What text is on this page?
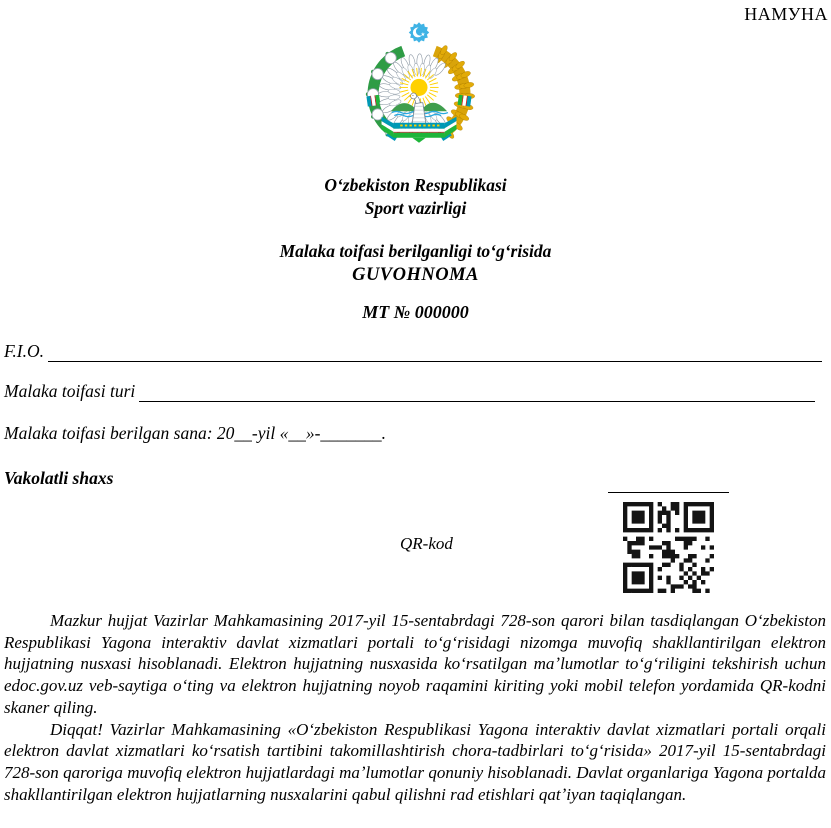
НАМУНА
Oʻzbekiston Respublikasi
Sport vazirligi
Malaka toifasi berilganligi toʻgʻrisida
GUVOHNOMA
MT № 000000
F.I.O.
Malaka toifasi turi
Malaka toifasi berilgan sana: 20__-yil «__»-_______.
Vakolatli shaxs
QR-kod

Mazkur hujjat Vazirlar Mahkamasining 2017-yil 15-sentabrdagi 728-son qarori bilan tasdiqlangan Oʻzbekiston Respublikasi Yagona interaktiv davlat xizmatlari portali toʻgʻrisidagi nizomga muvofiq shakllantirilgan elektron hujjatning nusxasi hisoblanadi. Elektron hujjatning nusxasida koʻrsatilgan maʼlumotlar toʻgʻriligini tekshirish uchun edoc.gov.uz veb-saytiga oʻting va elektron hujjatning noyob raqamini kiriting yoki mobil telefon yordamida QR-kodni skaner qiling.

Diqqat! Vazirlar Mahkamasining «Oʻzbekiston Respublikasi Yagona interaktiv davlat xizmatlari portali orqali elektron davlat xizmatlari koʻrsatish tartibini takomillashtirish chora-tadbirlari toʻgʻrisida» 2017-yil 15-sentabrdagi 728-son qaroriga muvofiq elektron hujjatlardagi maʼlumotlar qonuniy hisoblanadi. Davlat organlariga Yagona portalda shakllantirilgan elektron hujjatlarning nusxalarini qabul qilishni rad etishlari qatʼiyan taqiqlangan.
